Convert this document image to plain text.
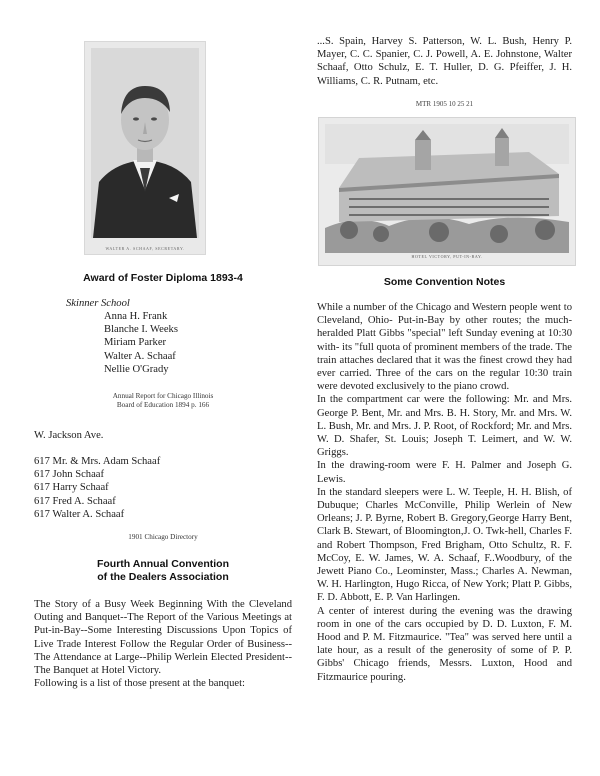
WALTER A. SCHAAF, SECRETARY.
Award of Foster Diploma 1893-4
Skinner School
Anna H. Frank
Blanche I. Weeks
Miriam Parker
Walter A. Schaaf
Nellie O'Grady
Annual Report for Chicago Illinois
Board of Education 1894 p. 166
W. Jackson Ave.
617 Mr. & Mrs. Adam Schaaf
617 John Schaaf
617 Harry Schaaf
617 Fred A. Schaaf
617 Walter A. Schaaf
1901 Chicago Directory
Fourth Annual Convention
of the Dealers Association

The Story of a Busy Week Beginning With the Cleveland Outing and Banquet--The Report of the Various Meetings at Put-in-Bay--Some Interesting Discussions Upon Topics of Live Trade Interest Follow the Regular Order of Business--The Attendance at Large--Philip Werlein Elected President--The Banquet at Hotel Victory.

Following is a list of those present at the banquet:

...S. Spain, Harvey S. Patterson, W. L. Bush, Henry P. Mayer, C. C. Spanier, C. J. Powell, A. E. Johnstone, Walter Schaaf, Otto Schulz, E. T. Huller, D. G. Pfeiffer, J. H. Williams, C. R. Putnam, etc.
MTR 1905 10 25 21
HOTEL VICTORY, PUT-IN-BAY.
Some Convention Notes

While a number of the Chicago and Western people went to Cleveland, Ohio- Put-in-Bay by other routes; the much-heralded Platt Gibbs "special" left Sunday evening at 10:30 with- its "full quota of prominent members of the trade. The train attaches declared that it was the finest crowd they had ever carried. Three of the cars on the regular 10:30 train were devoted exclusively to the piano crowd.

In the compartment car were the following: Mr. and Mrs. George P. Bent, Mr. and Mrs. B. H. Story, Mr. and Mrs. W. L. Bush, Mr. and Mrs. J. P. Root, of Rockford; Mr. and Mrs. W. D. Shafer, St. Louis; Joseph T. Leimert, and W. W. Griggs.

In the drawing-room were F. H. Palmer and Joseph G. Lewis.

In the standard sleepers were L. W. Teeple, H. H. Blish, of Dubuque; Charles McConville, Philip Werlein of New Orleans; J. P. Byrne, Robert B. Gregory,George Harry Bent, Clark B. Stewart, of Bloomington,J. O. Twk-hell, Charles F. and Robert Thompson, Fred Brigham, Otto Schultz, R. F. McCoy, E. W. James, W. A. Schaaf, F..Woodbury, of the Jewett Piano Co., Leominster, Mass.; Charles A. Newman, W. H. Harlington, Hugo Ricca, of New York; Platt P. Gibbs, F. D. Abbott, E. P. Van Harlingen.

A center of interest during the evening was the drawing room in one of the cars occupied by D. D. Luxton, F. M. Hood and P. M. Fitzmaurice. "Tea" was served here until a late hour, as a result of the generosity of some of P. P. Gibbs' Chicago friends, Messrs. Luxton, Hood and Fitzmaurice pouring.
